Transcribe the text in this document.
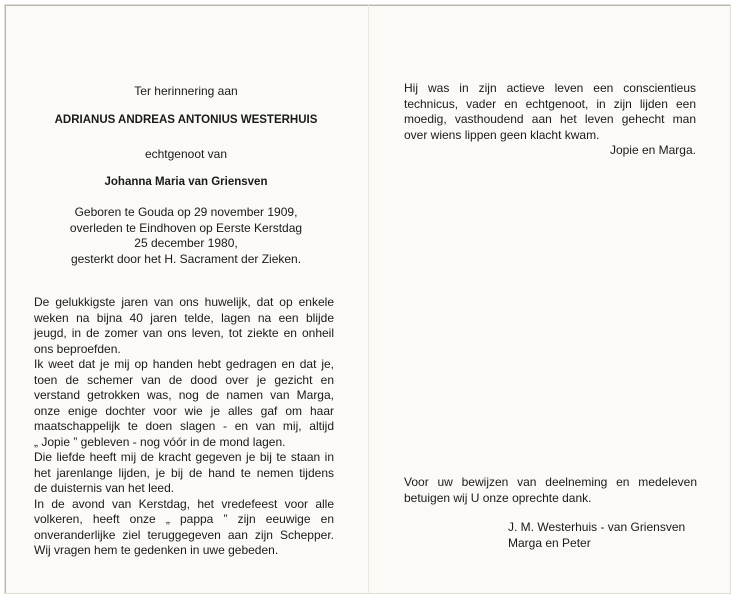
Ter herinnering aan
ADRIANUS ANDREAS ANTONIUS WESTERHUIS
echtgenoot van
Johanna Maria van Griensven
Geboren te Gouda op 29 november 1909,
overleden te Eindhoven op Eerste Kerstdag
25 december 1980,
gesterkt door het H. Sacrament der Zieken.
De gelukkigste jaren van ons huwelijk, dat op enkele
weken na bijna 40 jaren telde, lagen na een blijde
jeugd, in de zomer van ons leven, tot ziekte en onheil
ons beproefden.
Ik weet dat je mij op handen hebt gedragen en dat je,
toen de schemer van de dood over je gezicht en
verstand getrokken was, nog de namen van Marga,
onze enige dochter voor wie je alles gaf om haar
maatschappelijk te doen slagen - en van mij, altijd
„ Jopie ” gebleven - nog vóór in de mond lagen.
Die liefde heeft mij de kracht gegeven je bij te staan in
het jarenlange lijden, je bij de hand te nemen tijdens
de duisternis van het leed.
In de avond van Kerstdag, het vredefeest voor alle
volkeren, heeft onze „ pappa ” zijn eeuwige en
onveranderlijke ziel teruggegeven aan zijn Schepper.
Wij vragen hem te gedenken in uwe gebeden.
Hij was in zijn actieve leven een conscientieus
technicus, vader en echtgenoot, in zijn lijden een
moedig, vasthoudend aan het leven gehecht man
over wiens lippen geen klacht kwam.
Jopie en Marga.
Voor uw bewijzen van deelneming en medeleven
betuigen wij U onze oprechte dank.
J. M. Westerhuis - van Griensven
Marga en Peter
